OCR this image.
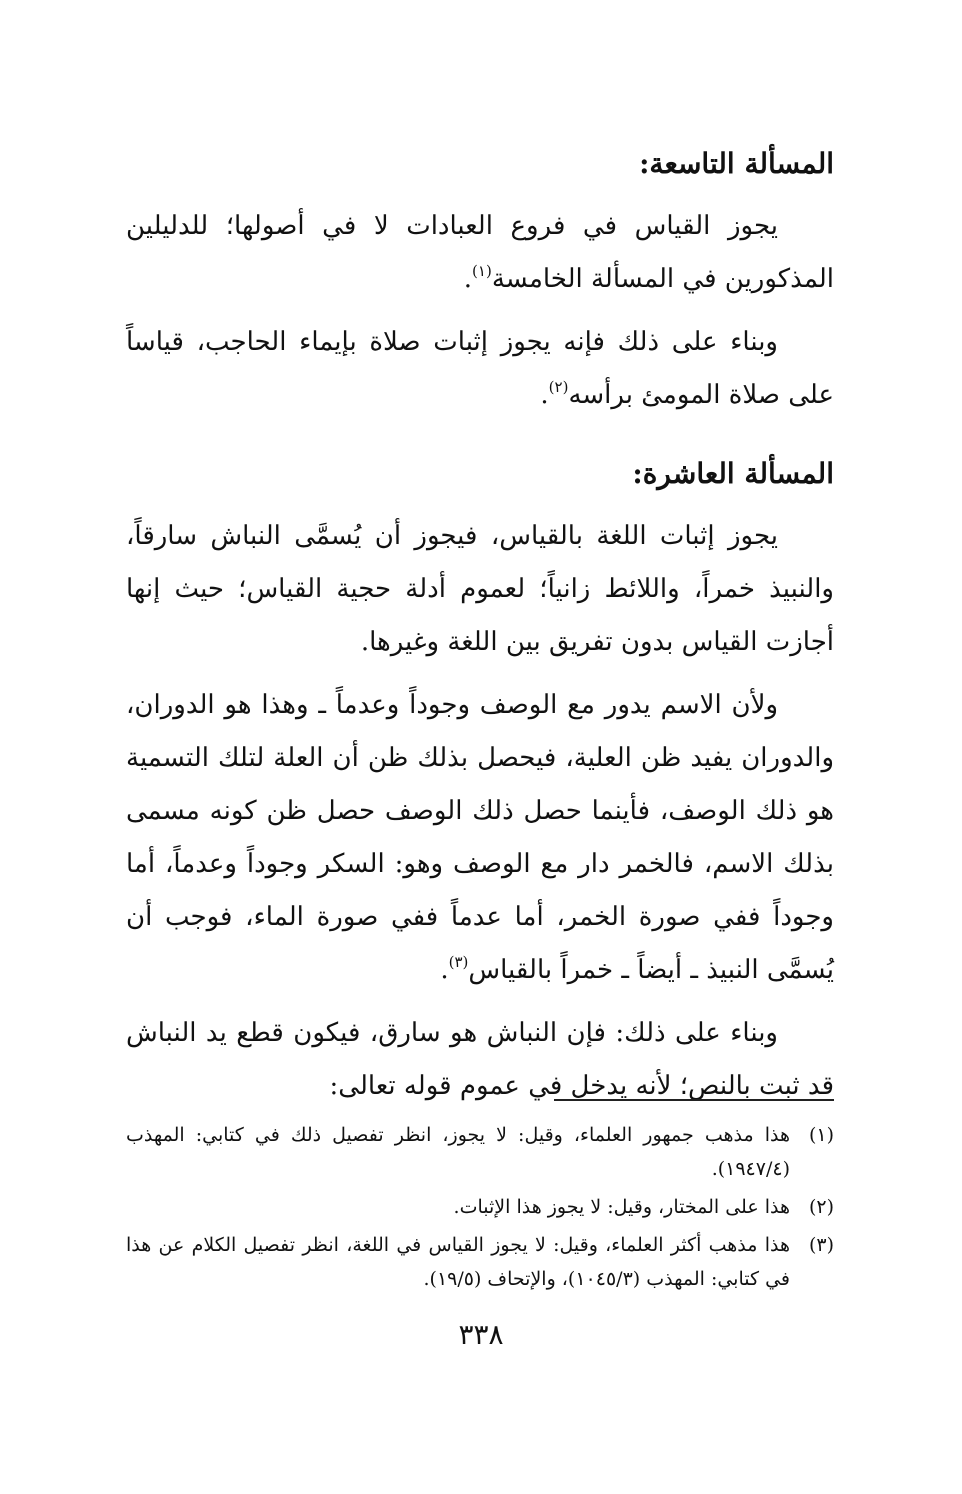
المسألة التاسعة:

يجوز القياس في فروع العبادات لا في أصولها؛ للدليلين المذكورين في المسألة الخامسة$^{(١)}$.

وبناء على ذلك فإنه يجوز إثبات صلاة بإيماء الحاجب، قياساً على صلاة المومئ برأسه$^{(٢)}$.

المسألة العاشرة:

يجوز إثبات اللغة بالقياس، فيجوز أن يُسمَّى النباش سارقاً، والنبيذ خمراً، واللائط زانياً؛ لعموم أدلة حجية القياس؛ حيث إنها أجازت القياس بدون تفريق بين اللغة وغيرها.

ولأن الاسم يدور مع الوصف وجوداً وعدماً ـ وهذا هو الدوران، والدوران يفيد ظن العلية، فيحصل بذلك ظن أن العلة لتلك التسمية هو ذلك الوصف، فأينما حصل ذلك الوصف حصل ظن كونه مسمى بذلك الاسم، فالخمر دار مع الوصف وهو: السكر وجوداً وعدماً، أما وجوداً ففي صورة الخمر، أما عدماً ففي صورة الماء، فوجب أن يُسمَّى النبيذ ـ أيضاً ـ خمراً بالقياس$^{(٣)}$.

وبناء على ذلك: فإن النباش هو سارق، فيكون قطع يد النباش قد ثبت بالنص؛ لأنه يدخل في عموم قوله تعالى:

(١)
هذا مذهب جمهور العلماء، وقيل: لا يجوز، انظر تفصيل ذلك في كتابي: المهذب (١٩٤٧/٤).
(٢)
هذا على المختار، وقيل: لا يجوز هذا الإثبات.
(٣)
هذا مذهب أكثر العلماء، وقيل: لا يجوز القياس في اللغة، انظر تفصيل الكلام عن هذا في كتابي: المهذب (١٠٤٥/٣)، والإتحاف (١٩/٥).
٣٣٨
